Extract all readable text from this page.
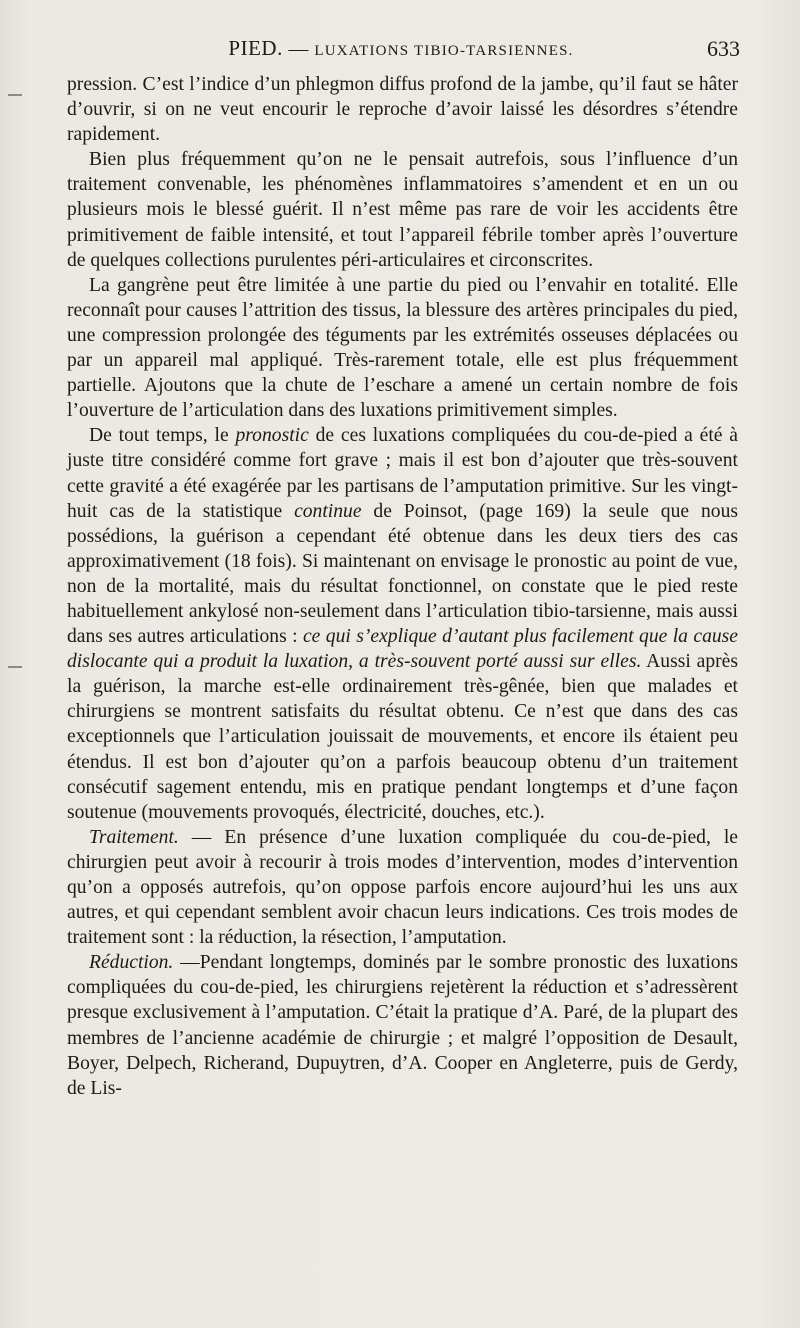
PIED. — LUXATIONS TIBIO-TARSIENNES.	633

pression. C’est l’indice d’un phlegmon diffus profond de la jambe, qu’il faut se hâter d’ouvrir, si on ne veut encourir le reproche d’avoir laissé les désordres s’étendre rapidement.

Bien plus fréquemment qu’on ne le pensait autrefois, sous l’influence d’un traitement convenable, les phénomènes inflammatoires s’amendent et en un ou plusieurs mois le blessé guérit. Il n’est même pas rare de voir les accidents être primitivement de faible intensité, et tout l’appareil fébrile tomber après l’ouverture de quelques collections purulentes péri-articulaires et circonscrites.

La gangrène peut être limitée à une partie du pied ou l’envahir en totalité. Elle reconnaît pour causes l’attrition des tissus, la blessure des artères principales du pied, une compression prolongée des téguments par les extrémités osseuses déplacées ou par un appareil mal appliqué. Très-rarement totale, elle est plus fréquemment partielle. Ajoutons que la chute de l’eschare a amené un certain nombre de fois l’ouverture de l’articulation dans des luxations primitivement simples.

De tout temps, le pronostic de ces luxations compliquées du cou-de-pied a été à juste titre considéré comme fort grave ; mais il est bon d’ajouter que très-souvent cette gravité a été exagérée par les partisans de l’amputation primitive. Sur les vingt-huit cas de la statistique continue de Poinsot, (page 169) la seule que nous possédions, la guérison a cependant été obtenue dans les deux tiers des cas approximativement (18 fois). Si maintenant on envisage le pronostic au point de vue, non de la mortalité, mais du résultat fonctionnel, on constate que le pied reste habituellement ankylosé non-seulement dans l’articulation tibio-tarsienne, mais aussi dans ses autres articulations : ce qui s’explique d’autant plus facilement que la cause dislocante qui a produit la luxation, a très-souvent porté aussi sur elles. Aussi après la guérison, la marche est-elle ordinairement très-gênée, bien que malades et chirurgiens se montrent satisfaits du résultat obtenu. Ce n’est que dans des cas exceptionnels que l’articulation jouissait de mouvements, et encore ils étaient peu étendus. Il est bon d’ajouter qu’on a parfois beaucoup obtenu d’un traitement consécutif sagement entendu, mis en pratique pendant longtemps et d’une façon soutenue (mouvements provoqués, électricité, douches, etc.).

Traitement. — En présence d’une luxation compliquée du cou-de-pied, le chirurgien peut avoir à recourir à trois modes d’intervention, modes d’intervention qu’on a opposés autrefois, qu’on oppose parfois encore aujourd’hui les uns aux autres, et qui cependant semblent avoir chacun leurs indications. Ces trois modes de traitement sont : la réduction, la résection, l’amputation.

Réduction. —Pendant longtemps, dominés par le sombre pronostic des luxations compliquées du cou-de-pied, les chirurgiens rejetèrent la réduction et s’adressèrent presque exclusivement à l’amputation. C’était la pratique d’A. Paré, de la plupart des membres de l’ancienne académie de chirurgie ; et malgré l’opposition de Desault, Boyer, Delpech, Richerand, Dupuytren, d’A. Cooper en Angleterre, puis de Gerdy, de Lis-
